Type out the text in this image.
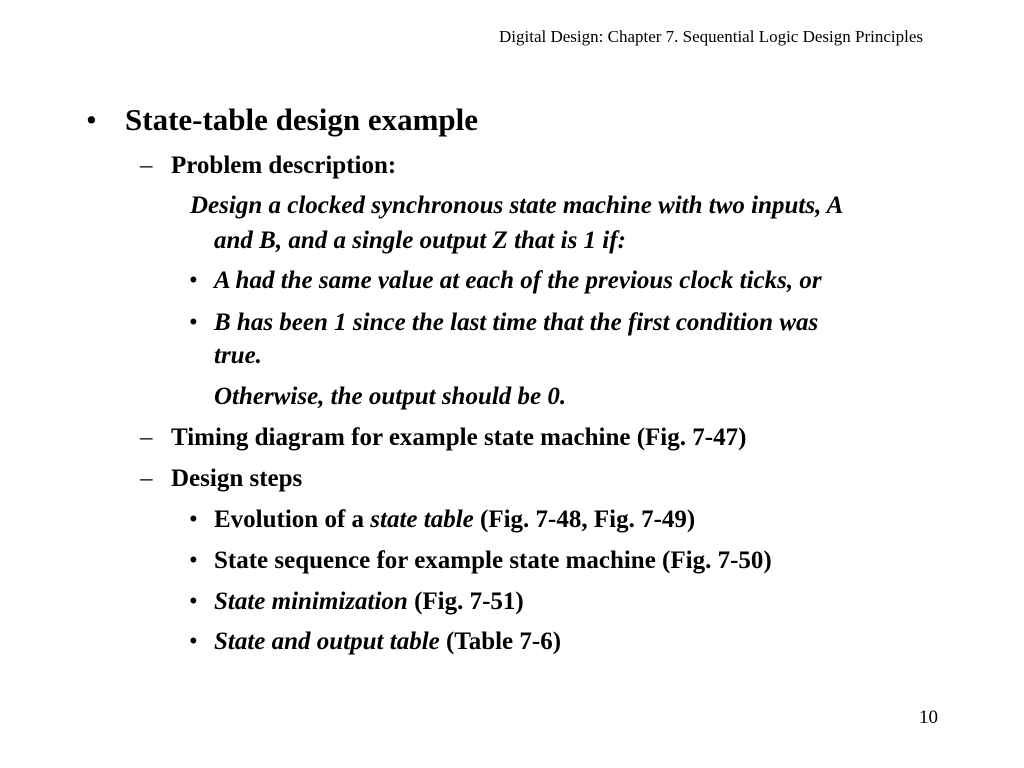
Digital Design: Chapter 7. Sequential Logic Design Principles
• State-table design example
– Problem description:
Design a clocked synchronous state machine with two inputs, A
and B, and a single output Z that is 1 if:
• A had the same value at each of the previous clock ticks, or
• B has been 1 since the last time that the first condition was
true.
Otherwise, the output should be 0.
– Timing diagram for example state machine (Fig. 7-47)
– Design steps
• Evolution of a state table (Fig. 7-48, Fig. 7-49)
• State sequence for example state machine (Fig. 7-50)
• State minimization (Fig. 7-51)
• State and output table (Table 7-6)
10
